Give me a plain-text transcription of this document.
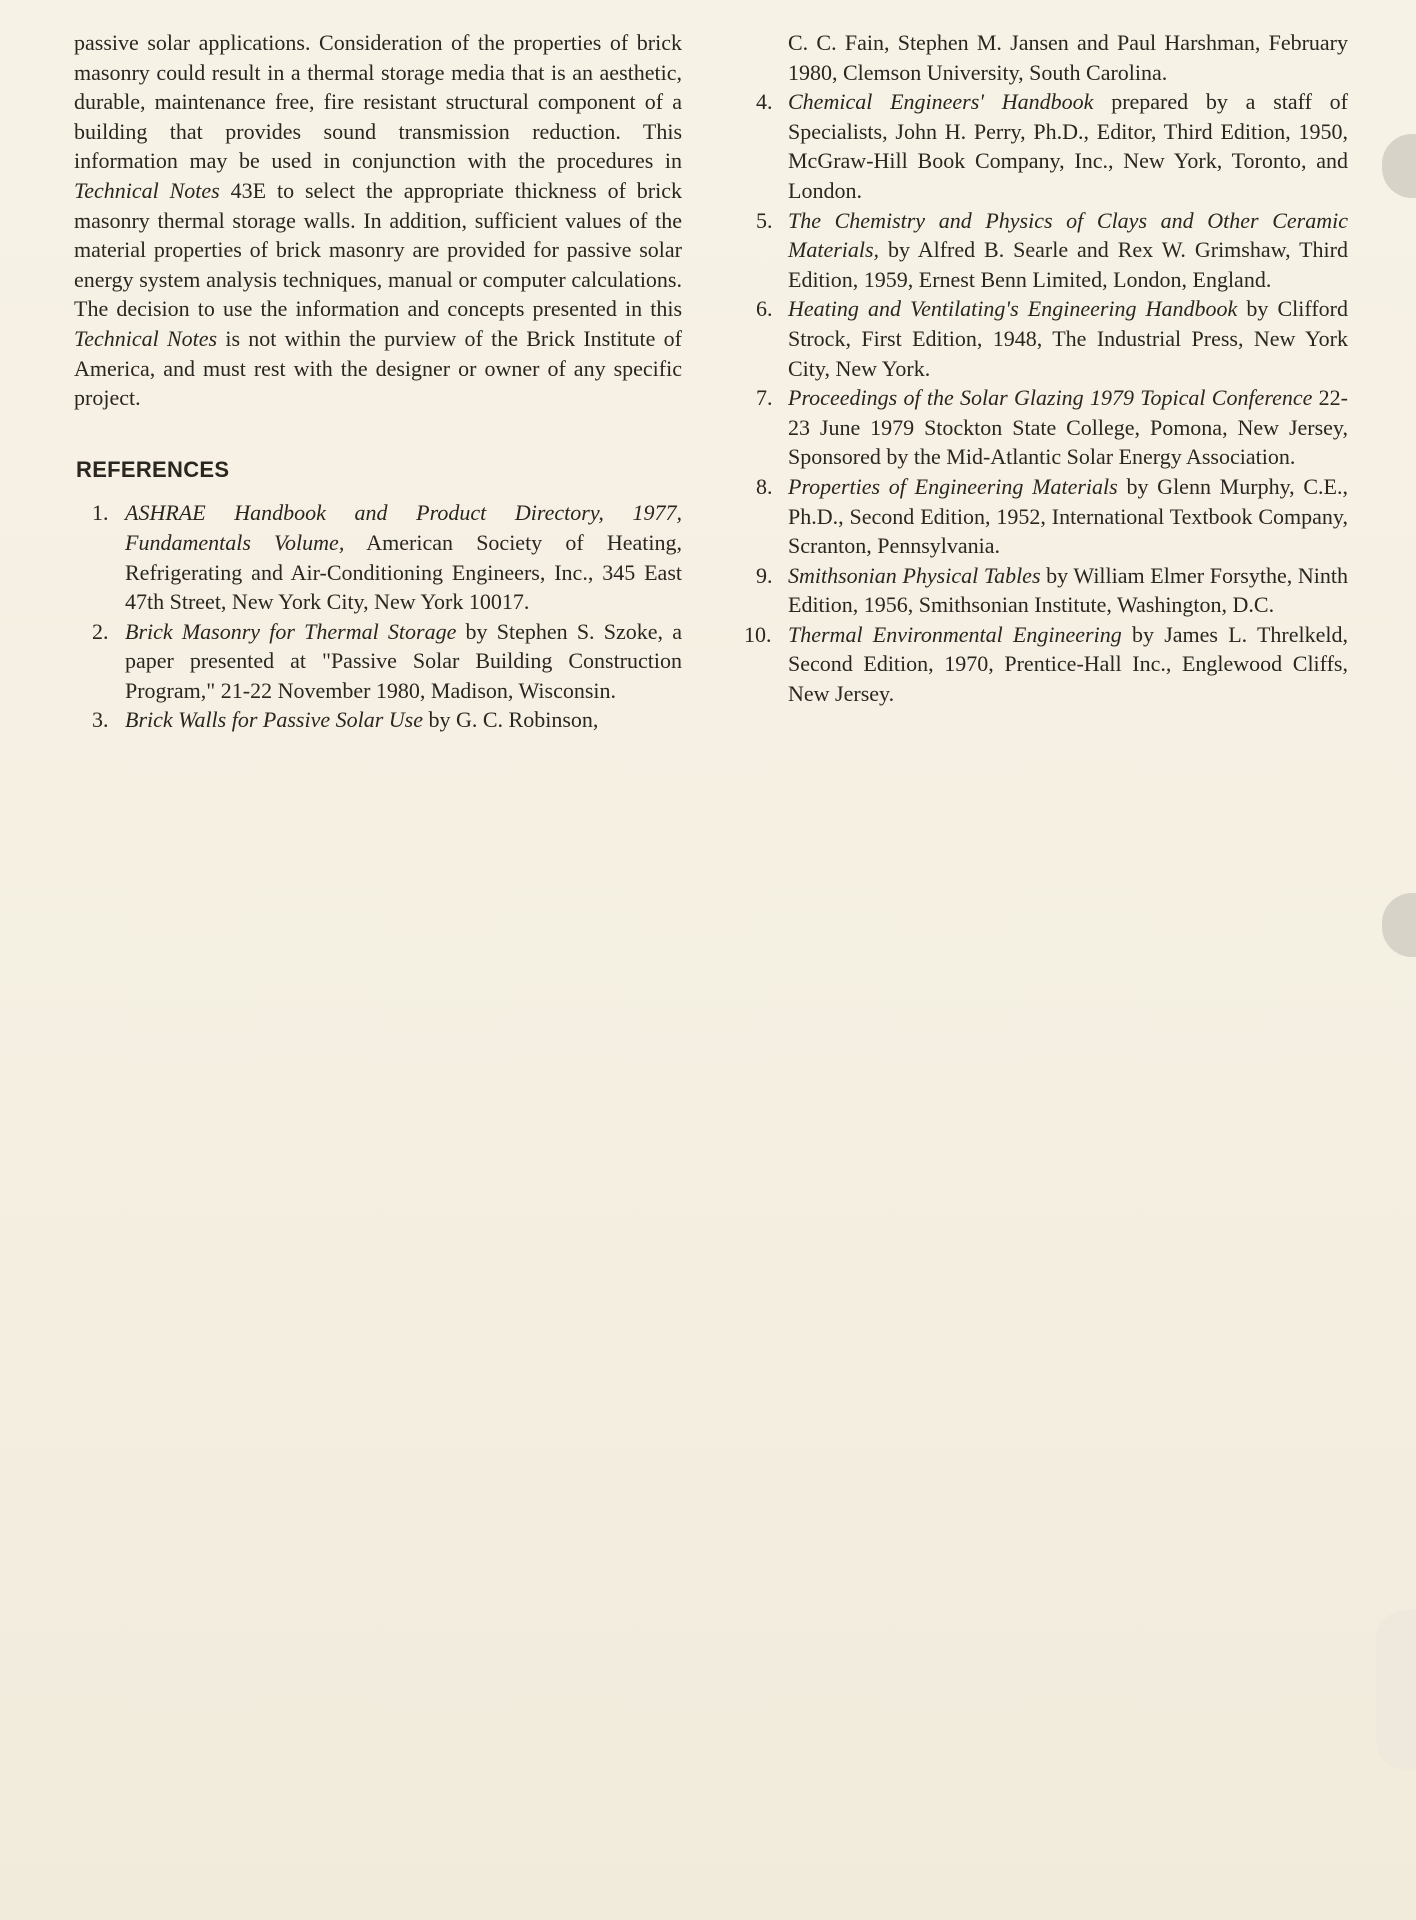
passive solar applications. Consideration of the properties of brick masonry could result in a thermal storage media that is an aesthetic, durable, maintenance free, fire resistant structural component of a building that provides sound transmission reduction. This information may be used in conjunction with the procedures in Technical Notes 43E to select the appropriate thickness of brick masonry thermal storage walls. In addition, sufficient values of the material properties of brick masonry are provided for passive solar energy system analysis techniques, manual or computer calculations. The decision to use the information and concepts presented in this Technical Notes is not within the purview of the Brick Institute of America, and must rest with the designer or owner of any specific project.

REFERENCES
1. ASHRAE Handbook and Product Directory, 1977, Fundamentals Volume, American Society of Heating, Refrigerating and Air-Conditioning Engineers, Inc., 345 East 47th Street, New York City, New York 10017.
2. Brick Masonry for Thermal Storage by Stephen S. Szoke, a paper presented at "Passive Solar Building Construction Program," 21-22 November 1980, Madison, Wisconsin.
3. Brick Walls for Passive Solar Use by G. C. Robinson,
C. C. Fain, Stephen M. Jansen and Paul Harshman, February 1980, Clemson University, South Carolina.
4. Chemical Engineers' Handbook prepared by a staff of Specialists, John H. Perry, Ph.D., Editor, Third Edition, 1950, McGraw-Hill Book Company, Inc., New York, Toronto, and London.
5. The Chemistry and Physics of Clays and Other Ceramic Materials, by Alfred B. Searle and Rex W. Grimshaw, Third Edition, 1959, Ernest Benn Limited, London, England.
6. Heating and Ventilating's Engineering Handbook by Clifford Strock, First Edition, 1948, The Industrial Press, New York City, New York.
7. Proceedings of the Solar Glazing 1979 Topical Conference 22-23 June 1979 Stockton State College, Pomona, New Jersey, Sponsored by the Mid-Atlantic Solar Energy Association.
8. Properties of Engineering Materials by Glenn Murphy, C.E., Ph.D., Second Edition, 1952, International Textbook Company, Scranton, Pennsylvania.
9. Smithsonian Physical Tables by William Elmer Forsythe, Ninth Edition, 1956, Smithsonian Institute, Washington, D.C.
10. Thermal Environmental Engineering by James L. Threlkeld, Second Edition, 1970, Prentice-Hall Inc., Englewood Cliffs, New Jersey.
